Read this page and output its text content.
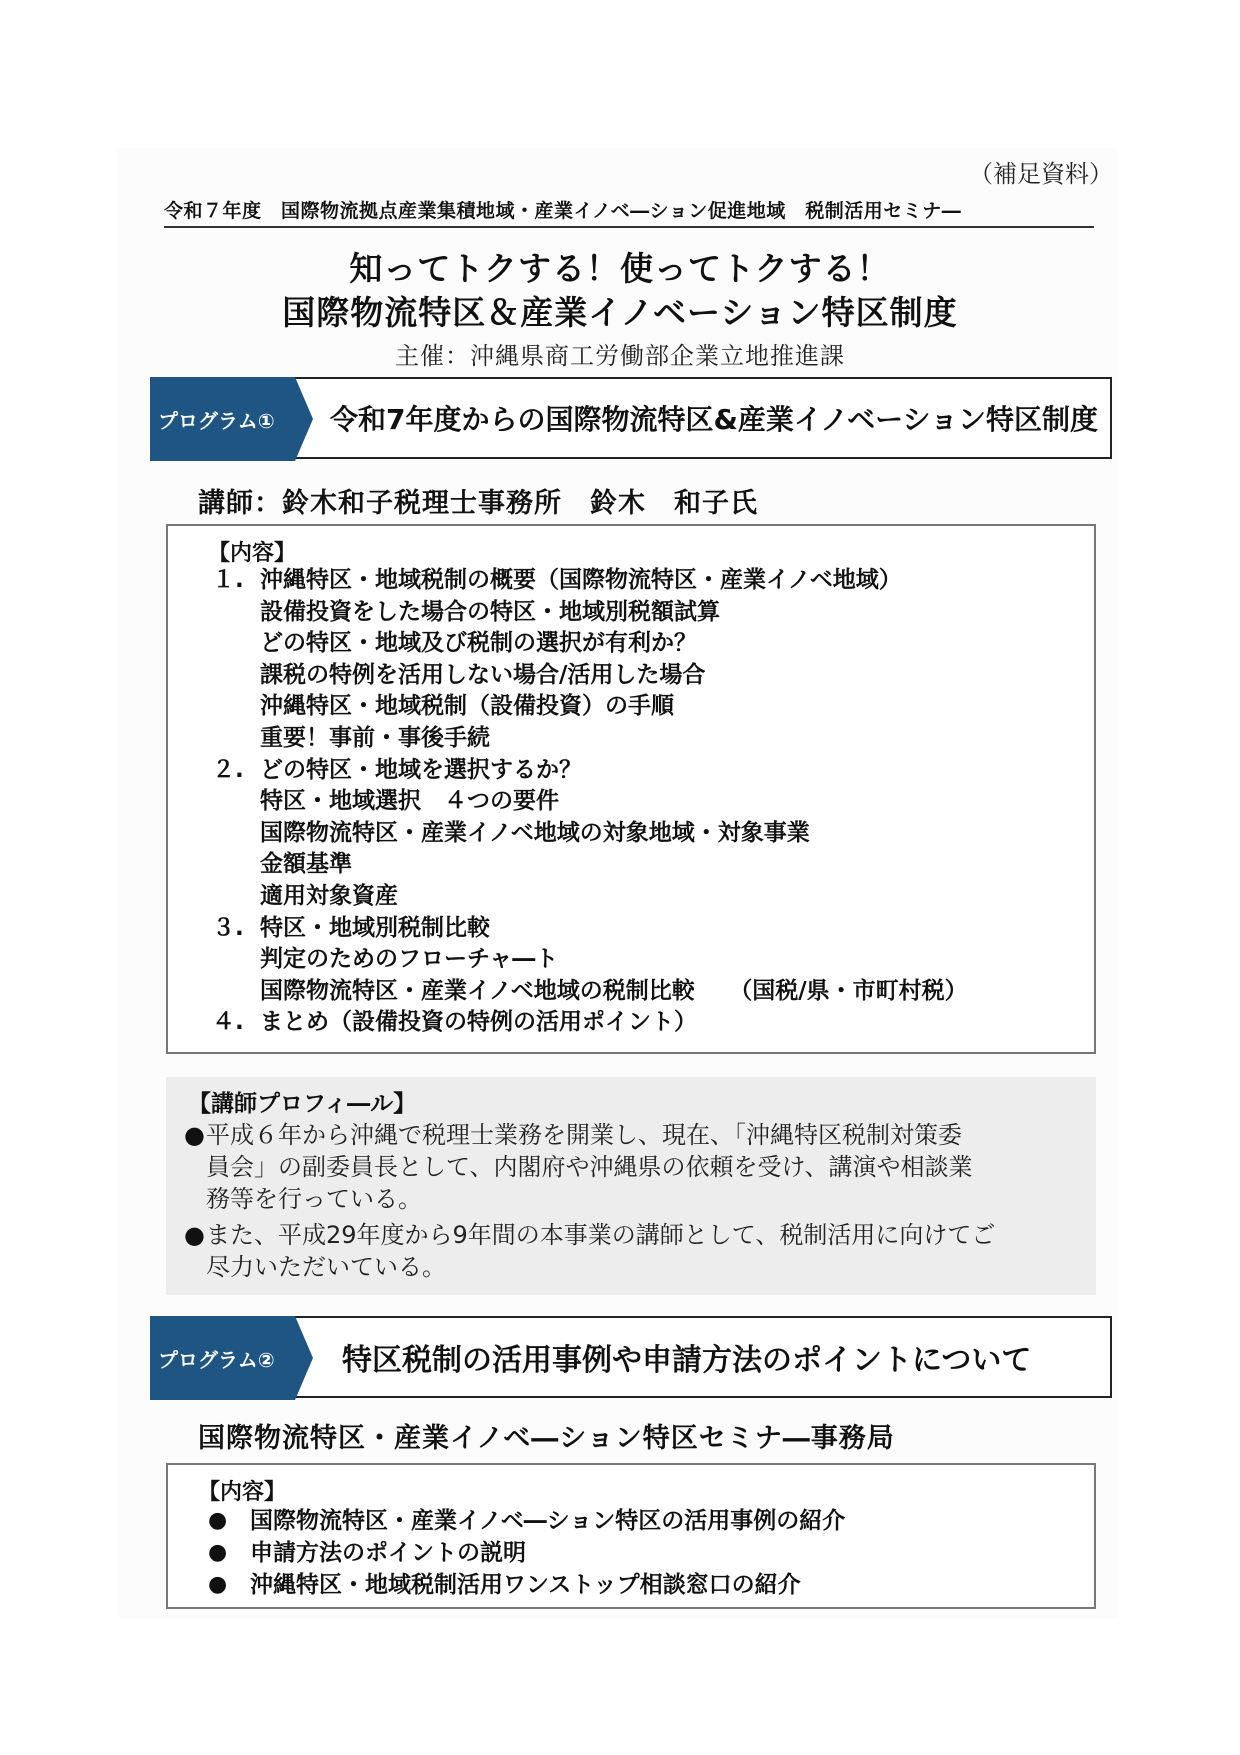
（補足資料）
令和７年度　国際物流拠点産業集積地域・産業イノベ―ション促進地域　税制活用セミナ―
知ってトクする！使ってトクする！
国際物流特区＆産業イノベーション特区制度
主催：沖縄県商工労働部企業立地推進課
プログラム①	令和7年度からの国際物流特区&産業イノベーション特区制度
講師：鈴木和子税理士事務所　鈴木　和子氏
【内容】
１. 沖縄特区・地域税制の概要（国際物流特区・産業イノベ地域）
設備投資をした場合の特区・地域別税額試算
どの特区・地域及び税制の選択が有利か？
課税の特例を活用しない場合/活用した場合
沖縄特区・地域税制（設備投資）の手順
重要！事前・事後手続
２. どの特区・地域を選択するか？
特区・地域選択　４つの要件
国際物流特区・産業イノベ地域の対象地域・対象事業
金額基準
適用対象資産
３. 特区・地域別税制比較
判定のためのフローチャ―ト
国際物流特区・産業イノベ地域の税制比較　　（国税/県・市町村税）
４. まとめ（設備投資の特例の活用ポイント）
【講師プロフィ―ル】
● 平成６年から沖縄で税理士業務を開業し、現在、「沖縄特区税制対策委
員会」の副委員長として、内閣府や沖縄県の依頼を受け、講演や相談業
務等を行っている。
● また、平成29年度から9年間の本事業の講師として、税制活用に向けてご
尽力いただいている。
プログラム②	特区税制の活用事例や申請方法のポイントについて
国際物流特区・産業イノベ―ション特区セミナ―事務局
【内容】
● 国際物流特区・産業イノベ―ション特区の活用事例の紹介
● 申請方法のポイントの説明
● 沖縄特区・地域税制活用ワンストップ相談窓口の紹介
